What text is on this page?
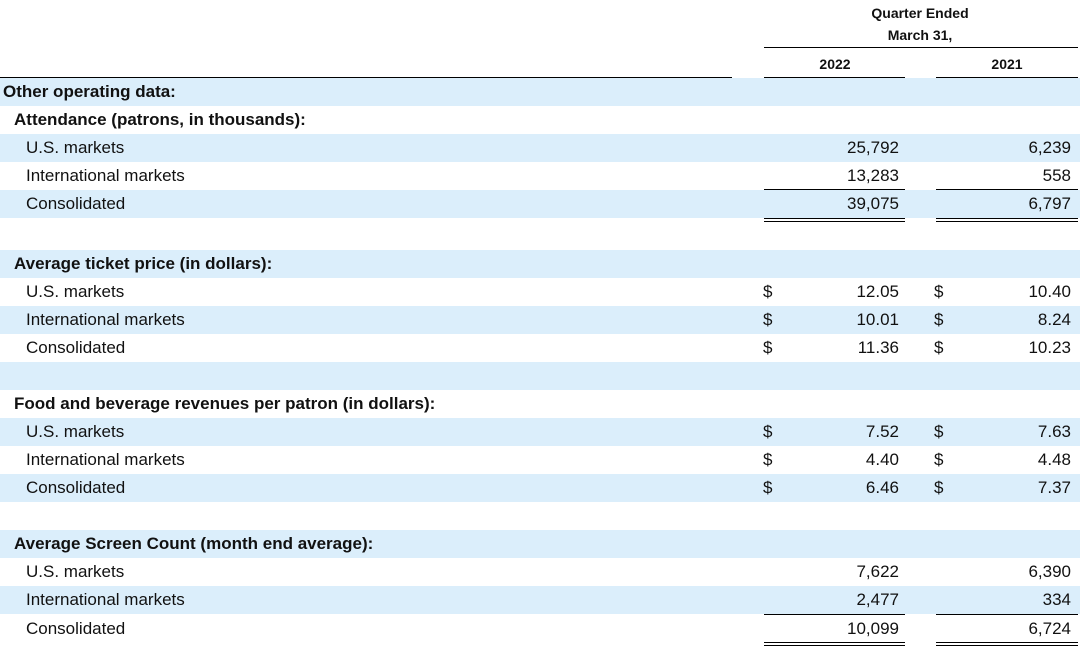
Quarter Ended
March 31,
2022	2021
Other operating data:
Attendance (patrons, in thousands):
U.S. markets	25,792	6,239
International markets	13,283	558
Consolidated	39,075	6,797
Average ticket price (in dollars):
U.S. markets	$	12.05 $	10.40
International markets	$	10.01 $	8.24
Consolidated	$	11.36 $	10.23
Food and beverage revenues per patron (in dollars):
U.S. markets	$	7.52 $	7.63
International markets	$	4.40 $	4.48
Consolidated	$	6.46 $	7.37
Average Screen Count (month end average):
U.S. markets	7,622	6,390
International markets	2,477	334
Consolidated	10,099	6,724
